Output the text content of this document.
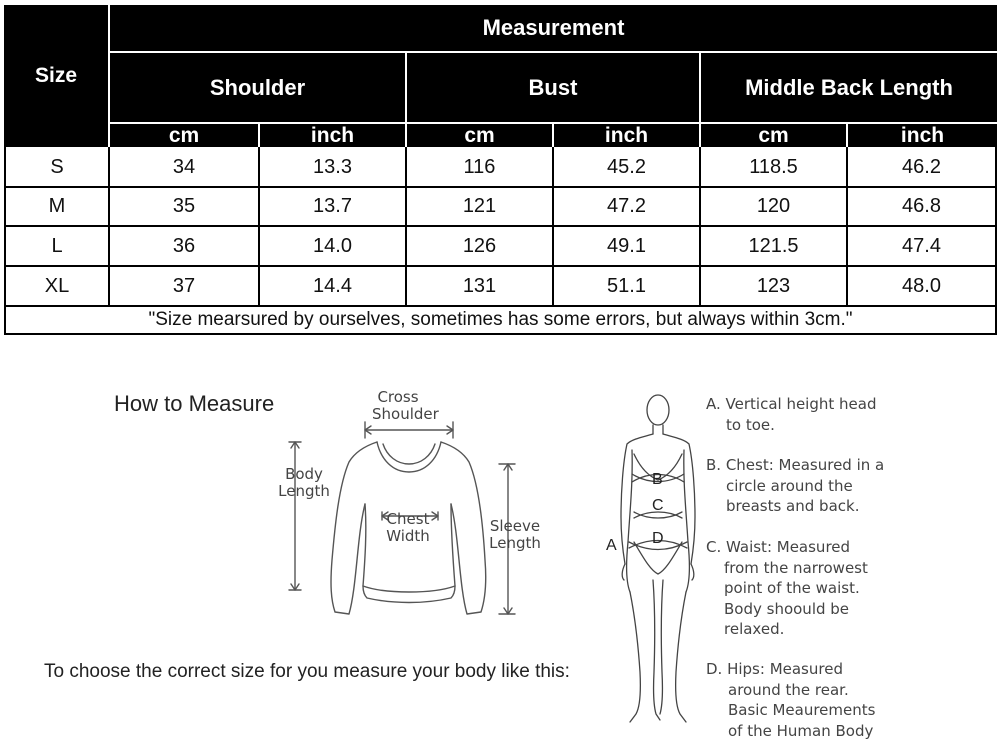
Size
Measurement
Shoulder	Bust	Middle Back Length
cm	inch	cm	inch	cm	inch
S	34	13.3	116	45.2	118.5	46.2
M	35	13.7	121	47.2	120	46.8
L	36	14.0	126	49.1	121.5	47.4
XL	37	14.4	131	51.1	123	48.0
"Size mearsured by ourselves, sometimes has some errors, but always within 3cm."
How to Measure	Cross
Shoulder
Body
Length
Chest
Width
Sleeve
Length
To choose the correct size for you measure your body like this:
A
B
C
D
A. Vertical height head
to toe.
B. Chest: Measured in a
circle around the
breasts and back.
C. Waist: Measured
from the narrowest
point of the waist.
Body shoould be
relaxed.
D. Hips: Measured
around the rear.
Basic Meaurements
of the Human Body
